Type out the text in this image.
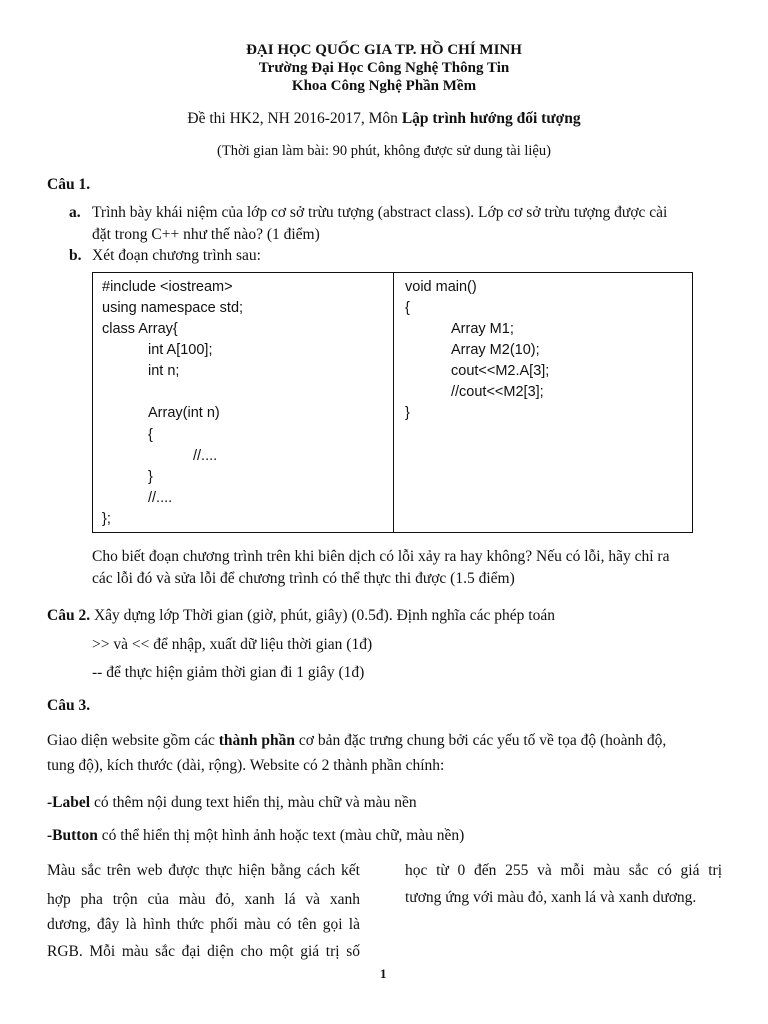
ĐẠI HỌC QUỐC GIA TP. HỒ CHÍ MINH
Trường Đại Học Công Nghệ Thông Tin
Khoa Công Nghệ Phần Mềm
Đề thi HK2, NH 2016-2017, Môn Lập trình hướng đối tượng
(Thời gian làm bài: 90 phút, không được sử dung tài liệu)
Câu 1.
a. Trình bày khái niệm của lớp cơ sở trừu tượng (abstract class). Lớp cơ sở trừu tượng được cài
đặt trong C++ như thế nào? (1 điểm)
b. Xét đoạn chương trình sau:
#include <iostream>
using namespace std;
class Array{
int A[100];
int n;
Array(int n)
{
//....
}
//....
};
void main()
{
Array M1;
Array M2(10);
cout<<M2.A[3];
//cout<<M2[3];
}
Cho biết đoạn chương trình trên khi biên dịch có lỗi xảy ra hay không? Nếu có lỗi, hãy chỉ ra
các lỗi đó và sửa lỗi để chương trình có thể thực thi được (1.5 điểm)
Câu 2. Xây dựng lớp Thời gian (giờ, phút, giây) (0.5đ). Định nghĩa các phép toán
>> và << để nhập, xuất dữ liệu thời gian (1đ)
-- để thực hiện giảm thời gian đi 1 giây (1đ)
Câu 3.
Giao diện website gồm các thành phần cơ bản đặc trưng chung bởi các yếu tố về tọa độ (hoành độ,
tung độ), kích thước (dài, rộng). Website có 2 thành phần chính:
-Label có thêm nội dung text hiển thị, màu chữ và màu nền
-Button có thể hiển thị một hình ảnh hoặc text (màu chữ, màu nền)
Màu sắc trên web được thực hiện bằng cách kết
hợp pha trộn của màu đỏ, xanh lá và xanh
dương, đây là hình thức phối màu có tên gọi là
RGB. Mỗi màu sắc đại diện cho một giá trị số
học từ 0 đến 255 và mỗi màu sắc có giá trị
tương ứng với màu đỏ, xanh lá và xanh dương.
1
